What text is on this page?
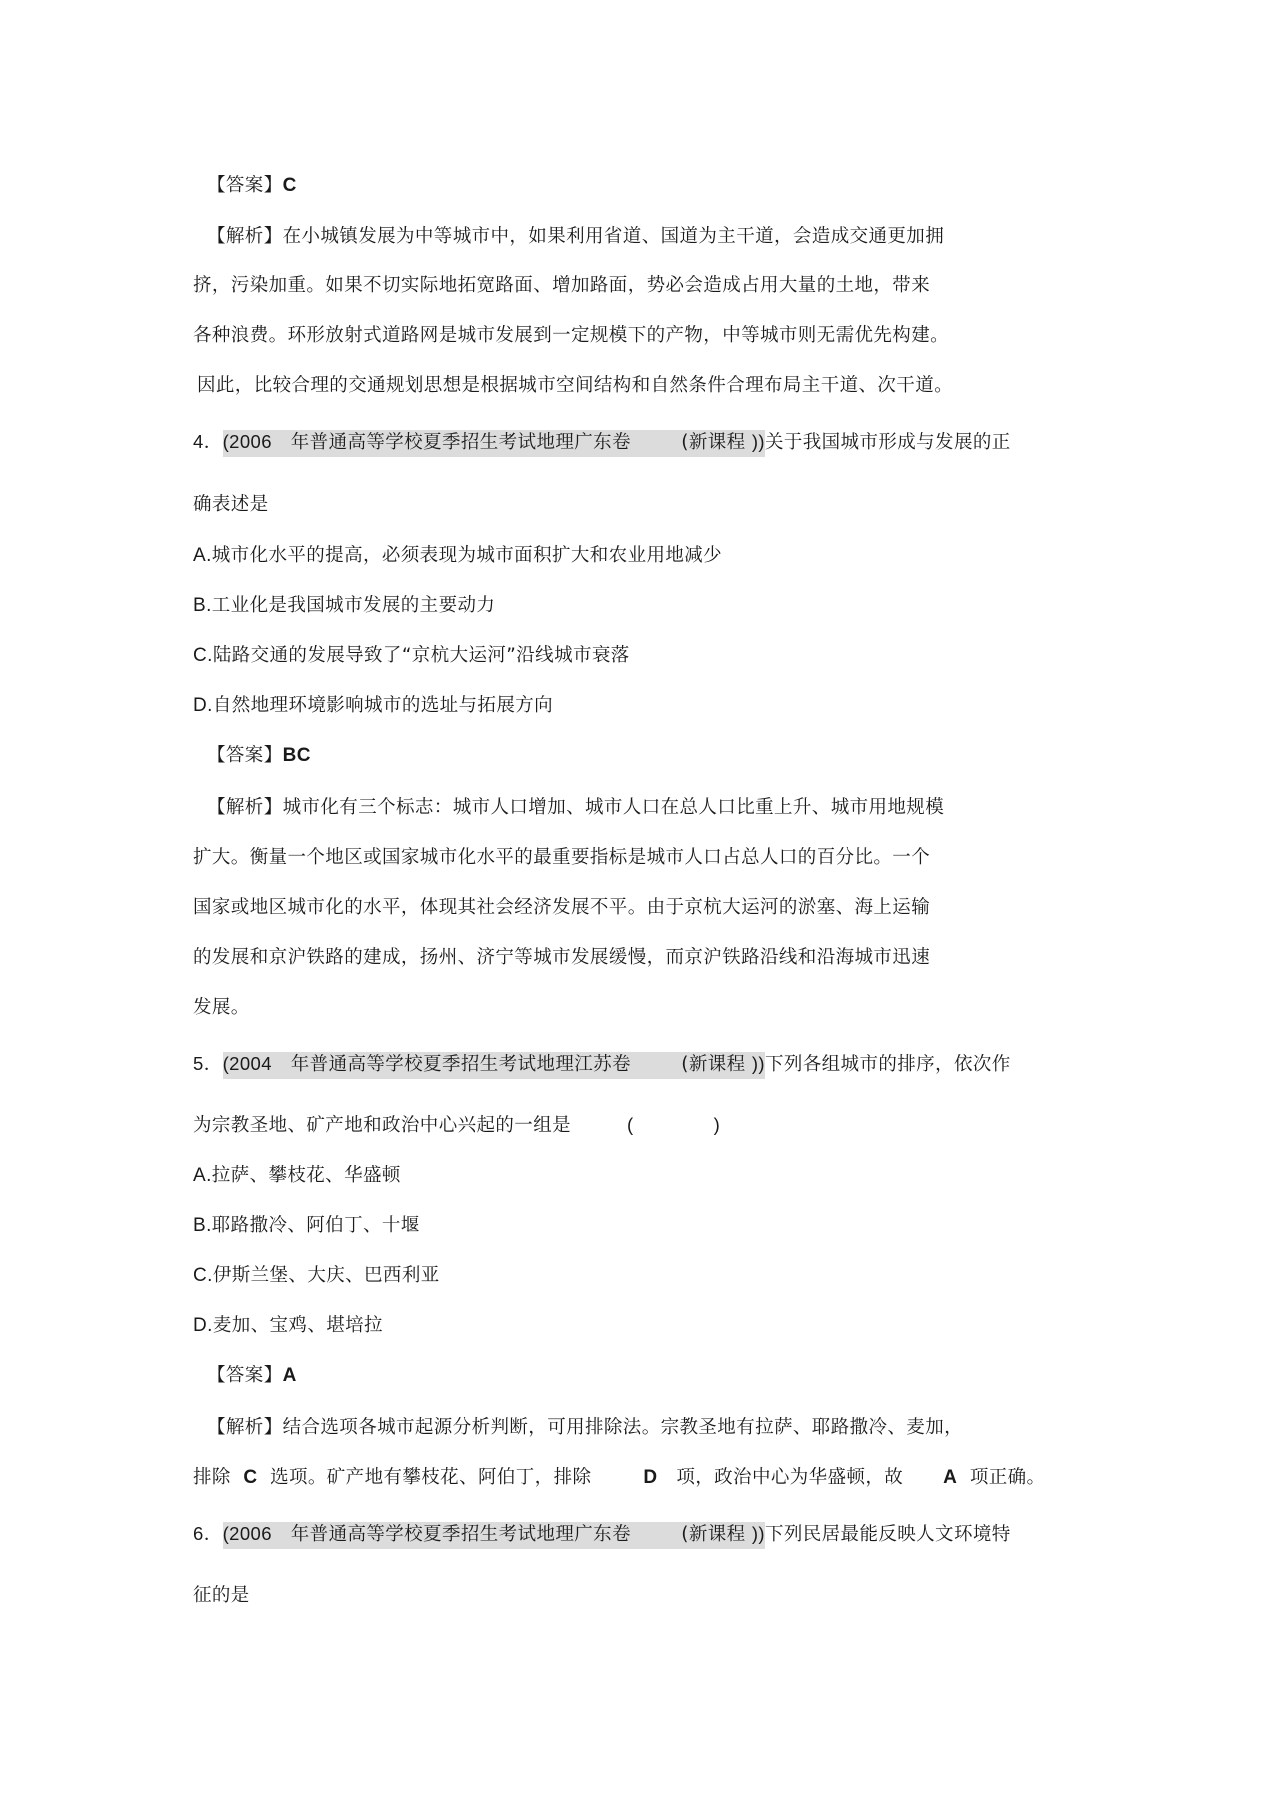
【答案】C
【解析】在小城镇发展为中等城市中，如果利用省道、国道为主干道，会造成交通更加拥
挤，污染加重。如果不切实际地拓宽路面、增加路面，势必会造成占用大量的土地，带来
各种浪费。环形放射式道路网是城市发展到一定规模下的产物，中等城市则无需优先构建。
因此，比较合理的交通规划思想是根据城市空间结构和自然条件合理布局主干道、次干道。
4．(2006 年普通高等学校夏季招生考试地理广东卷	(新课程 ))关于我国城市形成与发展的正
确表述是
A.城市化水平的提高，必须表现为城市面积扩大和农业用地减少
B.工业化是我国城市发展的主要动力
C.陆路交通的发展导致了“京杭大运河”沿线城市衰落
D.自然地理环境影响城市的选址与拓展方向
【答案】BC
【解析】城市化有三个标志：城市人口增加、城市人口在总人口比重上升、城市用地规模
扩大。衡量一个地区或国家城市化水平的最重要指标是城市人口占总人口的百分比。一个
国家或地区城市化的水平，体现其社会经济发展不平。由于京杭大运河的淤塞、海上运输
的发展和京沪铁路的建成，扬州、济宁等城市发展缓慢，而京沪铁路沿线和沿海城市迅速
发展。
5．(2004 年普通高等学校夏季招生考试地理江苏卷	(新课程 ))下列各组城市的排序，依次作
为宗教圣地、矿产地和政治中心兴起的一组是	(	)
A.拉萨、攀枝花、华盛顿
B.耶路撒冷、阿伯丁、十堰
C.伊斯兰堡、大庆、巴西利亚
D.麦加、宝鸡、堪培拉
【答案】A
【解析】结合选项各城市起源分析判断，可用排除法。宗教圣地有拉萨、耶路撒冷、麦加，
排除 C 选项。矿产地有攀枝花、阿伯丁，排除	D 项，政治中心为华盛顿，故 A 项正确。
6．(2006 年普通高等学校夏季招生考试地理广东卷	(新课程 ))下列民居最能反映人文环境特
征的是
